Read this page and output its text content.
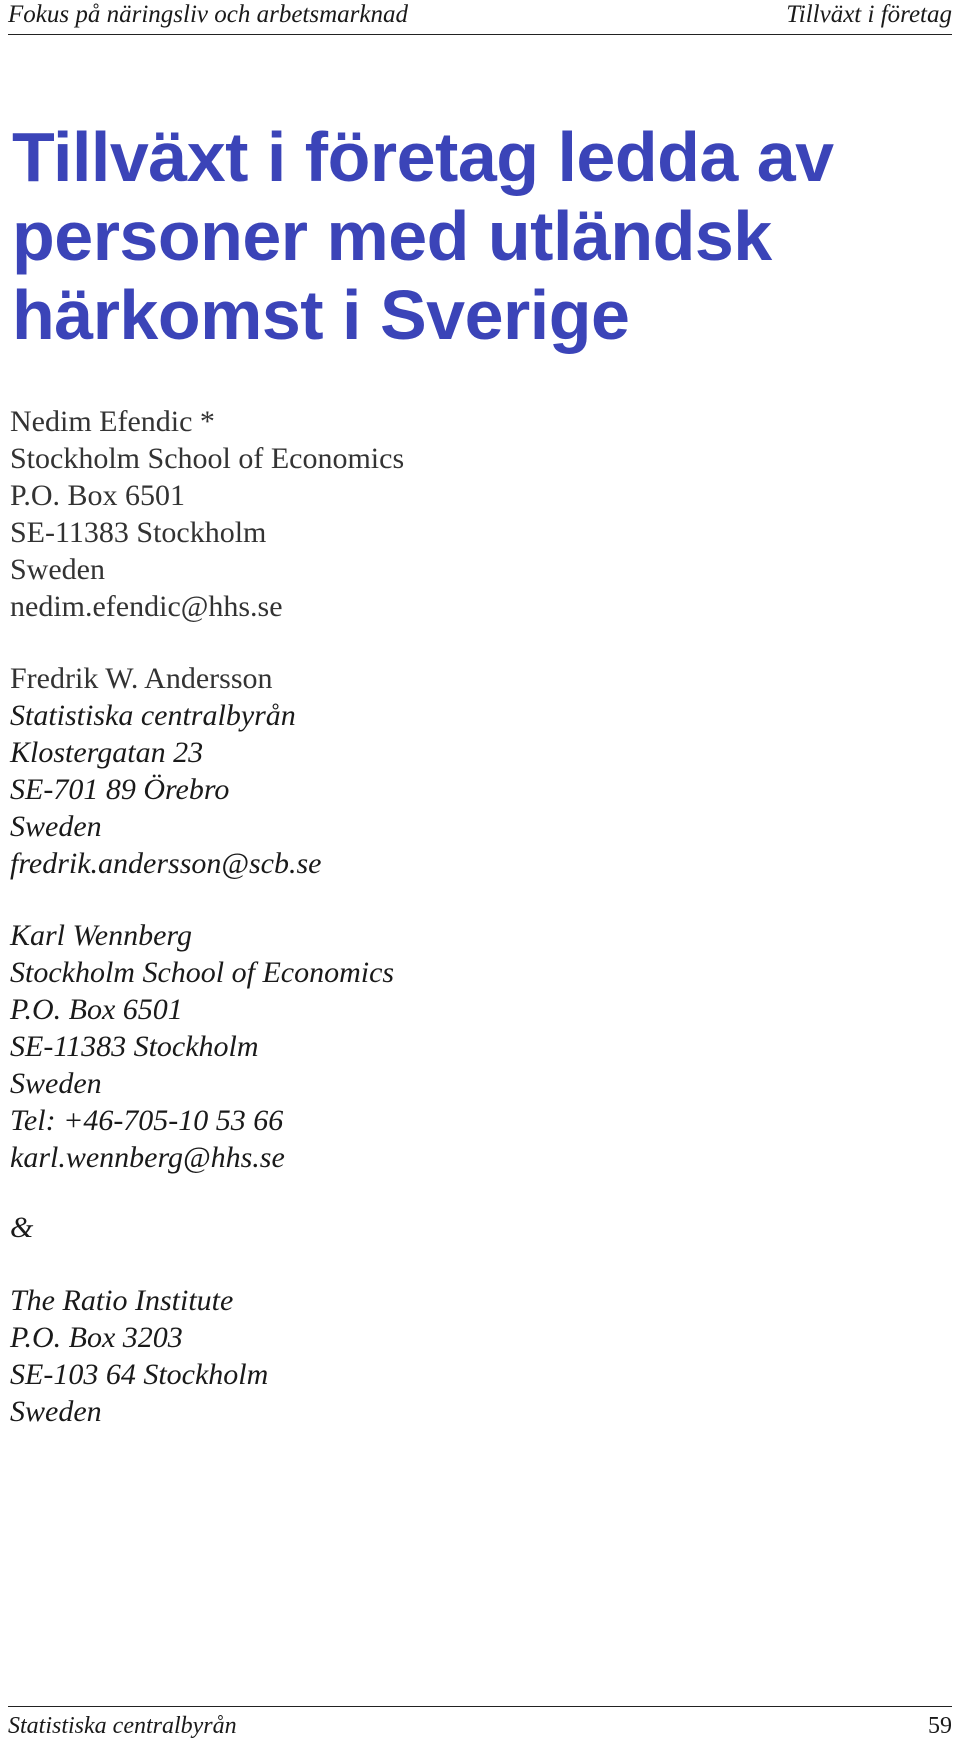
Fokus på näringsliv och arbetsmarknad	Tillväxt i företag
Tillväxt i företag ledda av
personer med utländsk
härkomst i Sverige
Nedim Efendic *
Stockholm School of Economics
P.O. Box 6501
SE-11383 Stockholm
Sweden
nedim.efendic@hhs.se
Fredrik W. Andersson
Statistiska centralbyrån
Klostergatan 23
SE-701 89 Örebro
Sweden
fredrik.andersson@scb.se
Karl Wennberg
Stockholm School of Economics
P.O. Box 6501
SE-11383 Stockholm
Sweden
Tel: +46-705-10 53 66
karl.wennberg@hhs.se
&
The Ratio Institute
P.O. Box 3203
SE-103 64 Stockholm
Sweden
Statistiska centralbyrån	59
